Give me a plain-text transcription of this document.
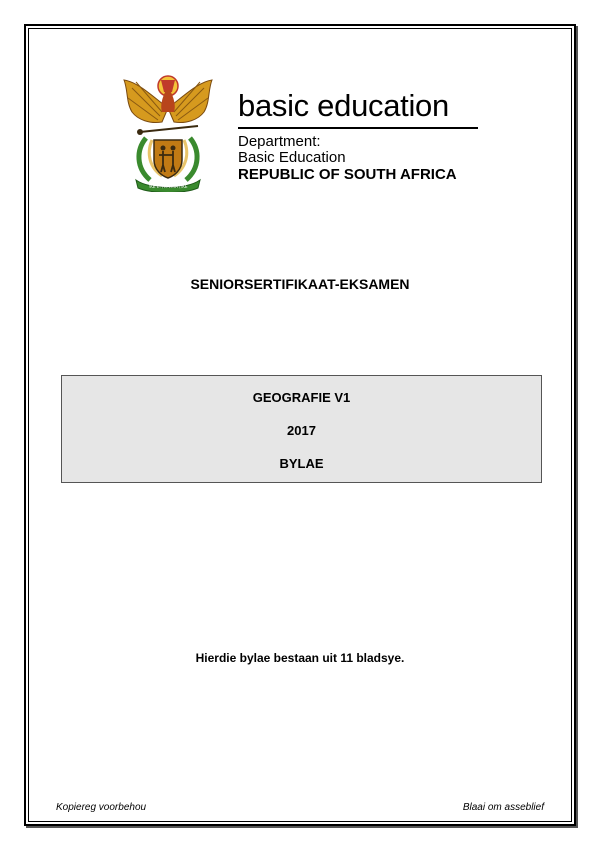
!KE E: /XARRA //KE
basic education
Department:
Basic Education
REPUBLIC OF SOUTH AFRICA
SENIORSERTIFIKAAT-EKSAMEN
GEOGRAFIE V1
2017
BYLAE
Hierdie bylae bestaan uit 11 bladsye.
Kopiereg voorbehou	Blaai om asseblief
